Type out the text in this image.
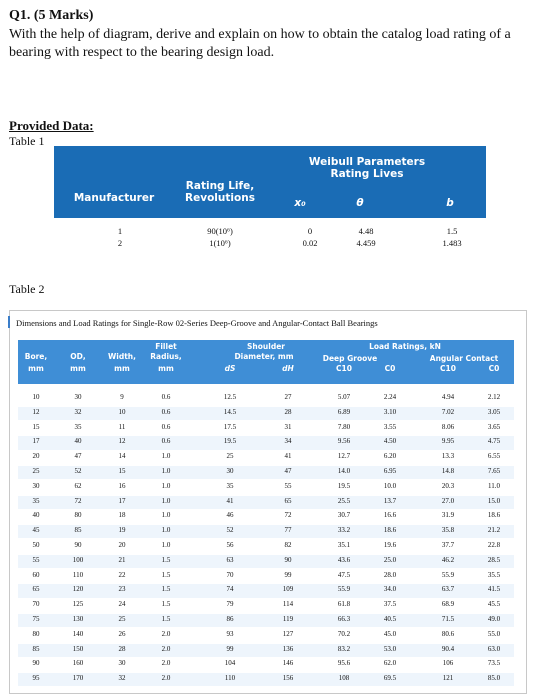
Q1. (5 Marks)
With the help of diagram, derive and explain on how to obtain the catalog load rating of a bearing with respect to the bearing design load.
Provided Data:
Table 1
Manufacturer
Rating Life, Revolutions
Weibull Parameters Rating Lives
x₀	θ	b
1	90(10⁶)	0	4.48	1.5
2	1(10⁶)	0.02	4.459	1.483
Table 2
Dimensions and Load Ratings for Single-Row 02-Series Deep-Groove and Angular-Contact Ball Bearings
Fillet	Shoulder	Load Ratings, kN
Bore,	OD,	Width,	Radius,	Diameter, mm	Deep Groove	Angular Contact
mm	mm	mm	mm	dS	dH	C10	C0	C10	C0
10	30	9	0.6	12.5	27	5.07	2.24	4.94	2.12
12	32	10	0.6	14.5	28	6.89	3.10	7.02	3.05
15	35	11	0.6	17.5	31	7.80	3.55	8.06	3.65
17	40	12	0.6	19.5	34	9.56	4.50	9.95	4.75
20	47	14	1.0	25	41	12.7	6.20	13.3	6.55
25	52	15	1.0	30	47	14.0	6.95	14.8	7.65
30	62	16	1.0	35	55	19.5	10.0	20.3	11.0
35	72	17	1.0	41	65	25.5	13.7	27.0	15.0
40	80	18	1.0	46	72	30.7	16.6	31.9	18.6
45	85	19	1.0	52	77	33.2	18.6	35.8	21.2
50	90	20	1.0	56	82	35.1	19.6	37.7	22.8
55	100	21	1.5	63	90	43.6	25.0	46.2	28.5
60	110	22	1.5	70	99	47.5	28.0	55.9	35.5
65	120	23	1.5	74	109	55.9	34.0	63.7	41.5
70	125	24	1.5	79	114	61.8	37.5	68.9	45.5
75	130	25	1.5	86	119	66.3	40.5	71.5	49.0
80	140	26	2.0	93	127	70.2	45.0	80.6	55.0
85	150	28	2.0	99	136	83.2	53.0	90.4	63.0
90	160	30	2.0	104	146	95.6	62.0	106	73.5
95	170	32	2.0	110	156	108	69.5	121	85.0
